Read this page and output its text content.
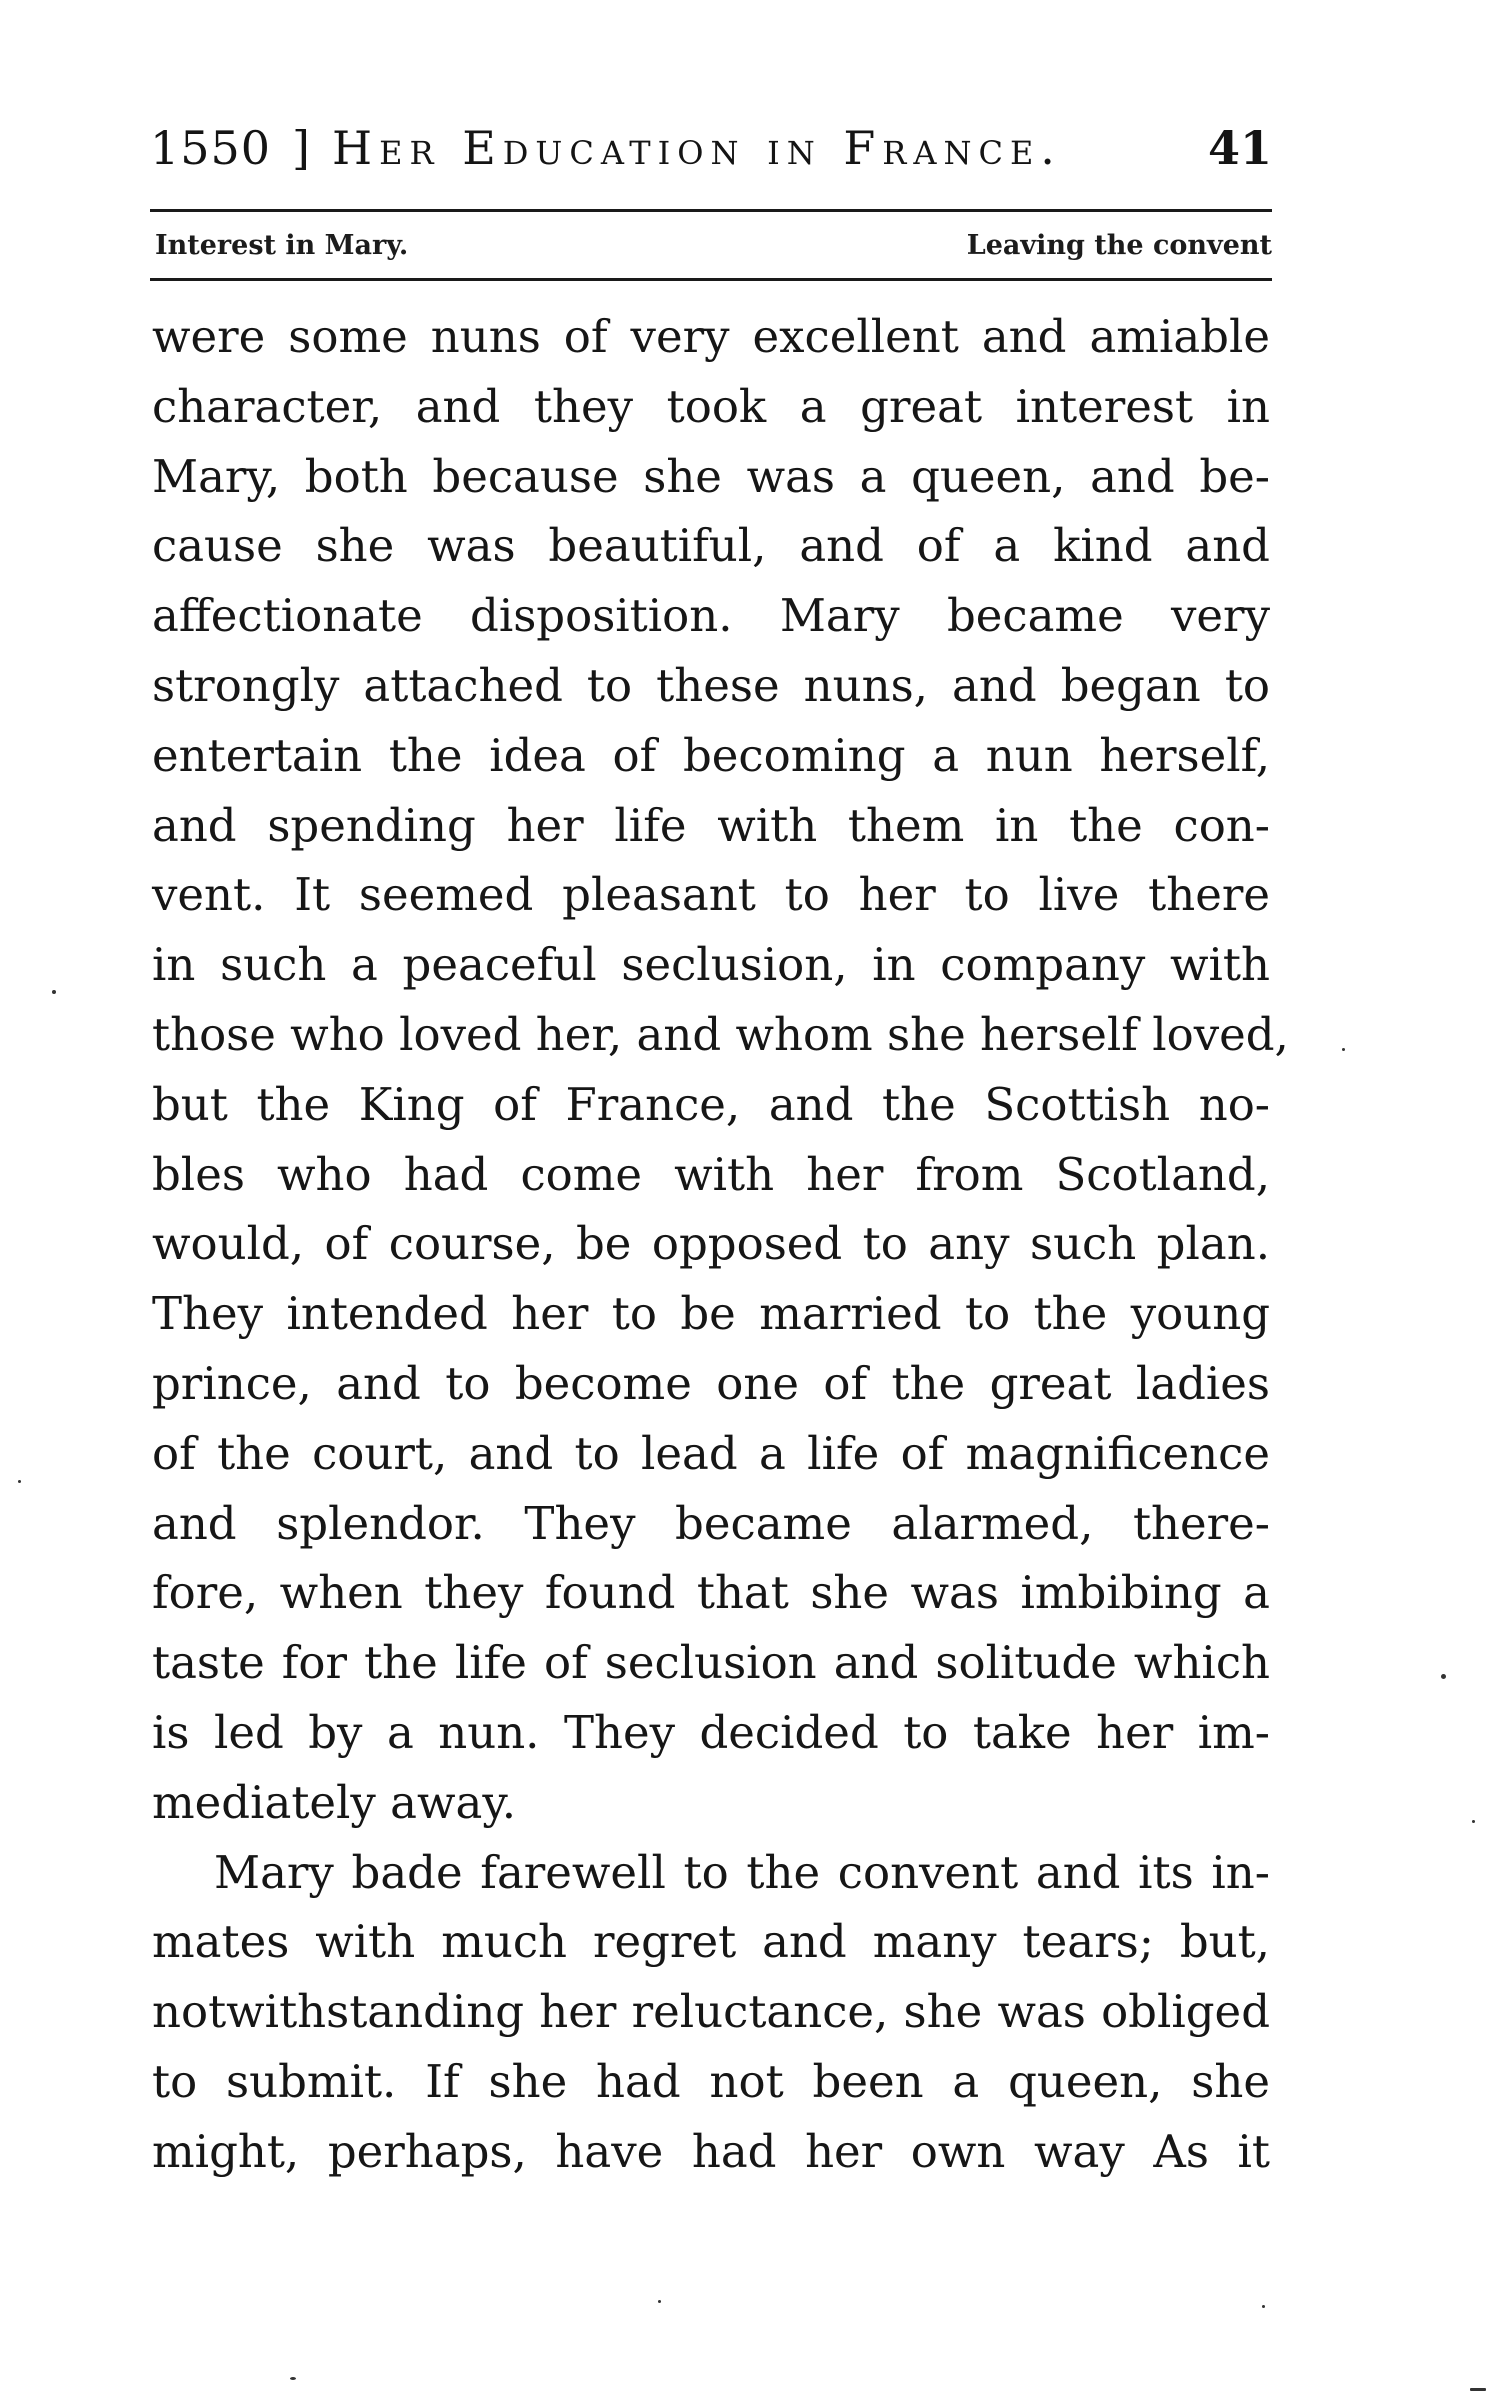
1550 ] Her Education in France.	41
Interest in Mary.	Leaving the convent
were some nuns of very excellent and amiable
character, and they took a great interest in
Mary, both because she was a queen, and be-
cause she was beautiful, and of a kind and
affectionate disposition. Mary became very
strongly attached to these nuns, and began to
entertain the idea of becoming a nun herself,
and spending her life with them in the con-
vent. It seemed pleasant to her to live there
in such a peaceful seclusion, in company with
those who loved her, and whom she herself loved,
but the King of France, and the Scottish no-
bles who had come with her from Scotland,
would, of course, be opposed to any such plan.
They intended her to be married to the young
prince, and to become one of the great ladies
of the court, and to lead a life of magnificence
and splendor. They became alarmed, there-
fore, when they found that she was imbibing a
taste for the life of seclusion and solitude which
is led by a nun. They decided to take her im-
mediately away.
Mary bade farewell to the convent and its in-
mates with much regret and many tears; but,
notwithstanding her reluctance, she was obliged
to submit. If she had not been a queen, she
might, perhaps, have had her own way As it
